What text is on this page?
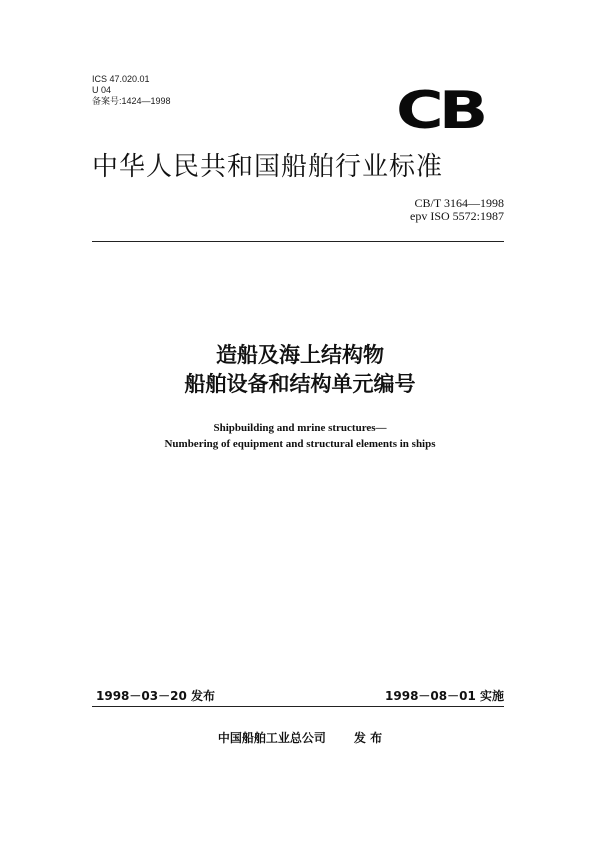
ICS 47.020.01
U 04
备案号:1424—1998	CB
中华人民共和国船舶行业标准
CB/T 3164—1998
epv ISO 5572:1987
造船及海上结构物
船舶设备和结构单元编号
Shipbuilding and mrine structures—
Numbering of equipment and structural elements in ships
1998－03－20 发布	1998－08－01 实施
中国船舶工业总公司 发 布
